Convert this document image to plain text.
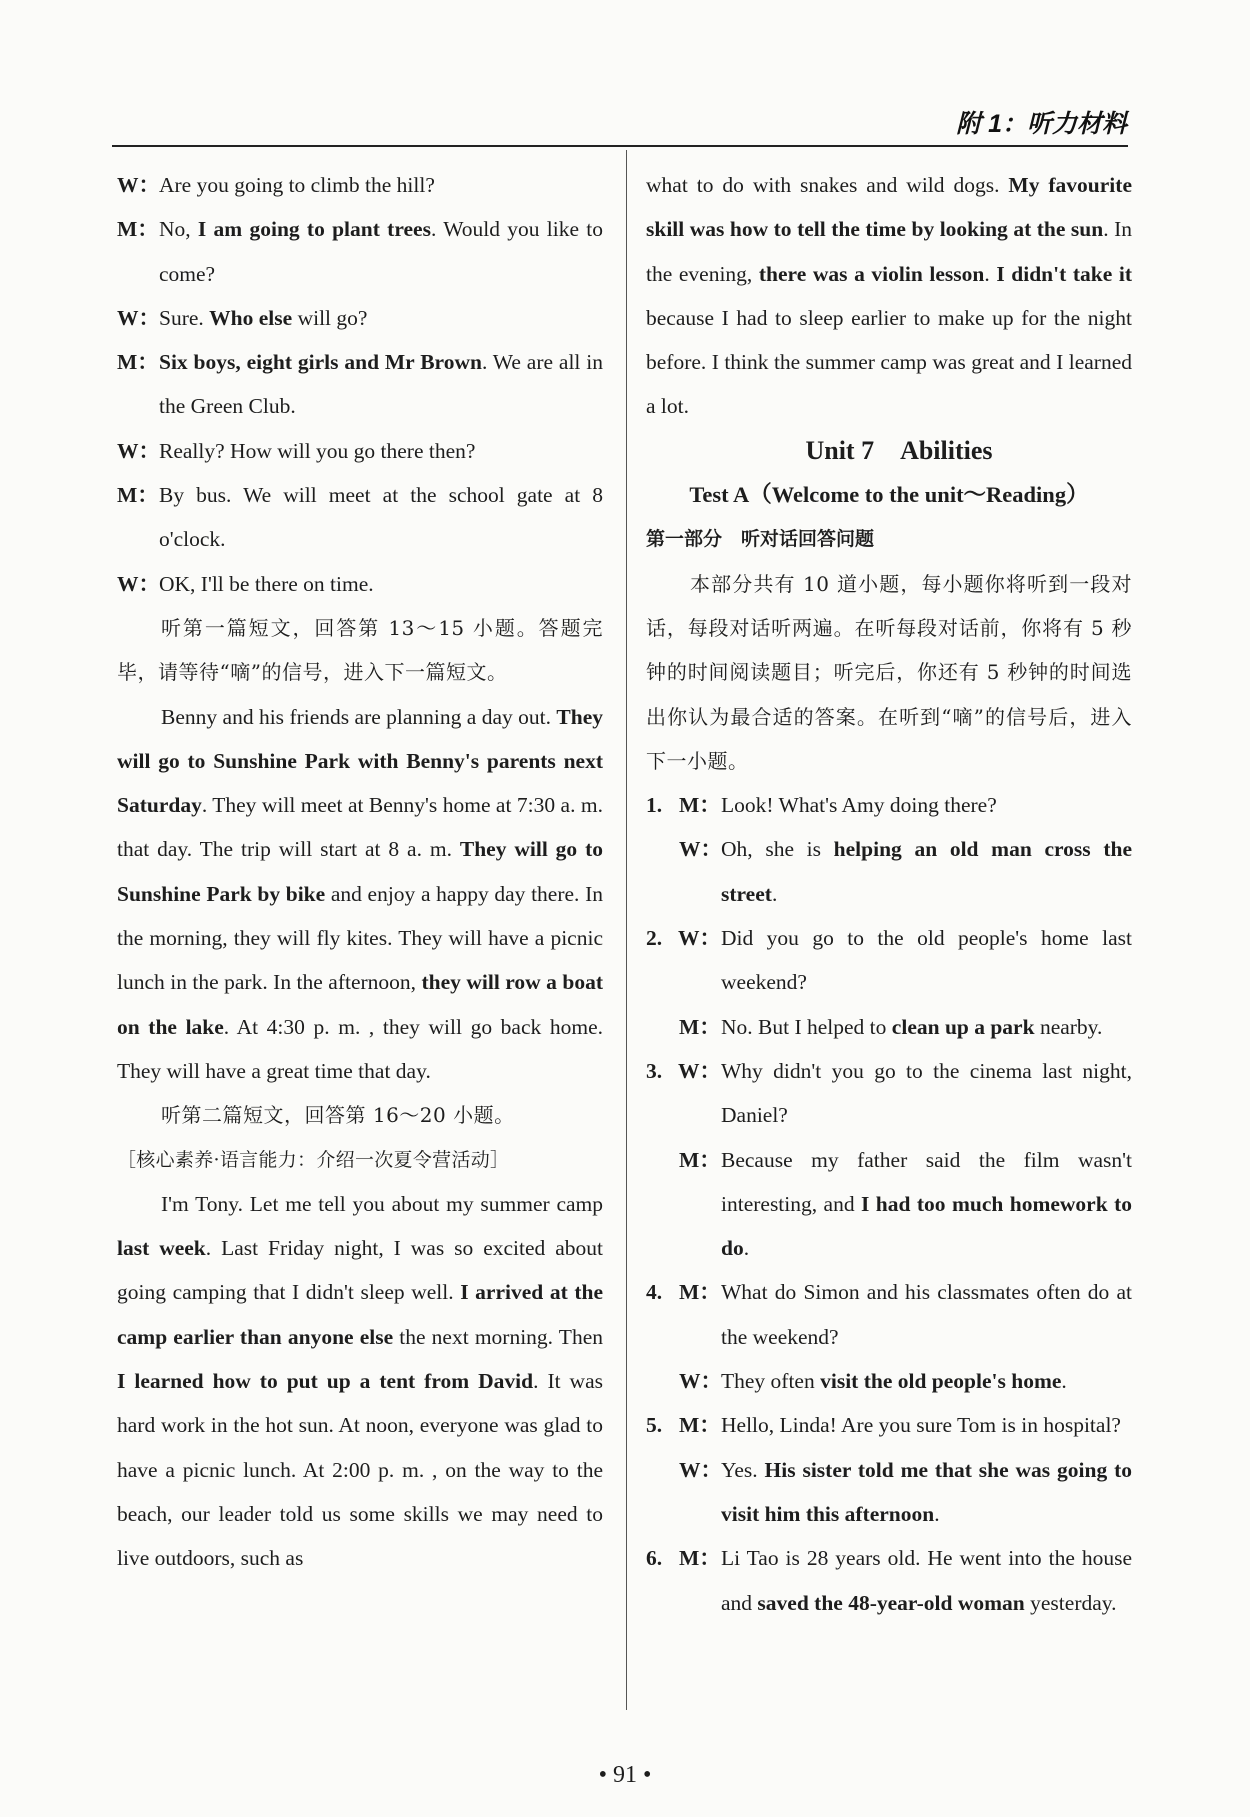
附 1：听力材料
W：
Are you going to climb the hill?
M： No, I am going to plant trees. Would you like to come?
W：
Sure. Who else will go?
M： Six boys, eight girls and Mr Brown. We are all in the Green Club.
W：
Really? How will you go there then?
M： By bus. We will meet at the school gate at 8 o'clock.
W：
OK, I'll be there on time.
听第一篇短文，回答第 13～15 小题。答题完毕，请等待“嘀”的信号，进入下一篇短文。
Benny and his friends are planning a day out. They will go to Sunshine Park with Benny's parents next Saturday. They will meet at Benny's home at 7:30 a. m. that day. The trip will start at 8 a. m. They will go to Sunshine Park by bike and enjoy a happy day there. In the morning, they will fly kites. They will have a picnic lunch in the park. In the afternoon, they will row a boat on the lake. At 4:30 p. m. , they will go back home. They will have a great time that day.
听第二篇短文，回答第 16～20 小题。
［核心素养·语言能力：介绍一次夏令营活动］
I'm Tony. Let me tell you about my summer camp last week. Last Friday night, I was so excited about going camping that I didn't sleep well. I arrived at the camp earlier than anyone else the next morning. Then I learned how to put up a tent from David. It was hard work in the hot sun. At noon, everyone was glad to have a picnic lunch. At 2:00 p. m. , on the way to the beach, our leader told us some skills we may need to live outdoors, such as
what to do with snakes and wild dogs. My favourite skill was how to tell the time by looking at the sun. In the evening, there was a violin lesson. I didn't take it because I had to sleep earlier to make up for the night before. I think the summer camp was great and I learned a lot.
Unit 7　Abilities
Test A（Welcome to the unit～Reading）
第一部分　听对话回答问题
本部分共有 10 道小题，每小题你将听到一段对话，每段对话听两遍。在听每段对话前，你将有 5 秒钟的时间阅读题目；听完后，你还有 5 秒钟的时间选出你认为最合适的答案。在听到“嘀”的信号后，进入下一小题。
1. M： Look! What's Amy doing there?
W：
Oh, she is helping an old man cross the street.
2. W： Did you go to the old people's home last weekend?
M： No. But I helped to clean up a park nearby.
3. W： Why didn't you go to the cinema last night, Daniel?
M： Because my father said the film wasn't interesting, and I had too much homework to do.
4. M： What do Simon and his classmates often do at the weekend?
W：
They often visit the old people's home.
5. M： Hello, Linda! Are you sure Tom is in hospital?
W：
Yes. His sister told me that she was going to visit him this afternoon.
6. M： Li Tao is 28 years old. He went into the house and saved the 48-year-old woman yesterday.
• 91 •
